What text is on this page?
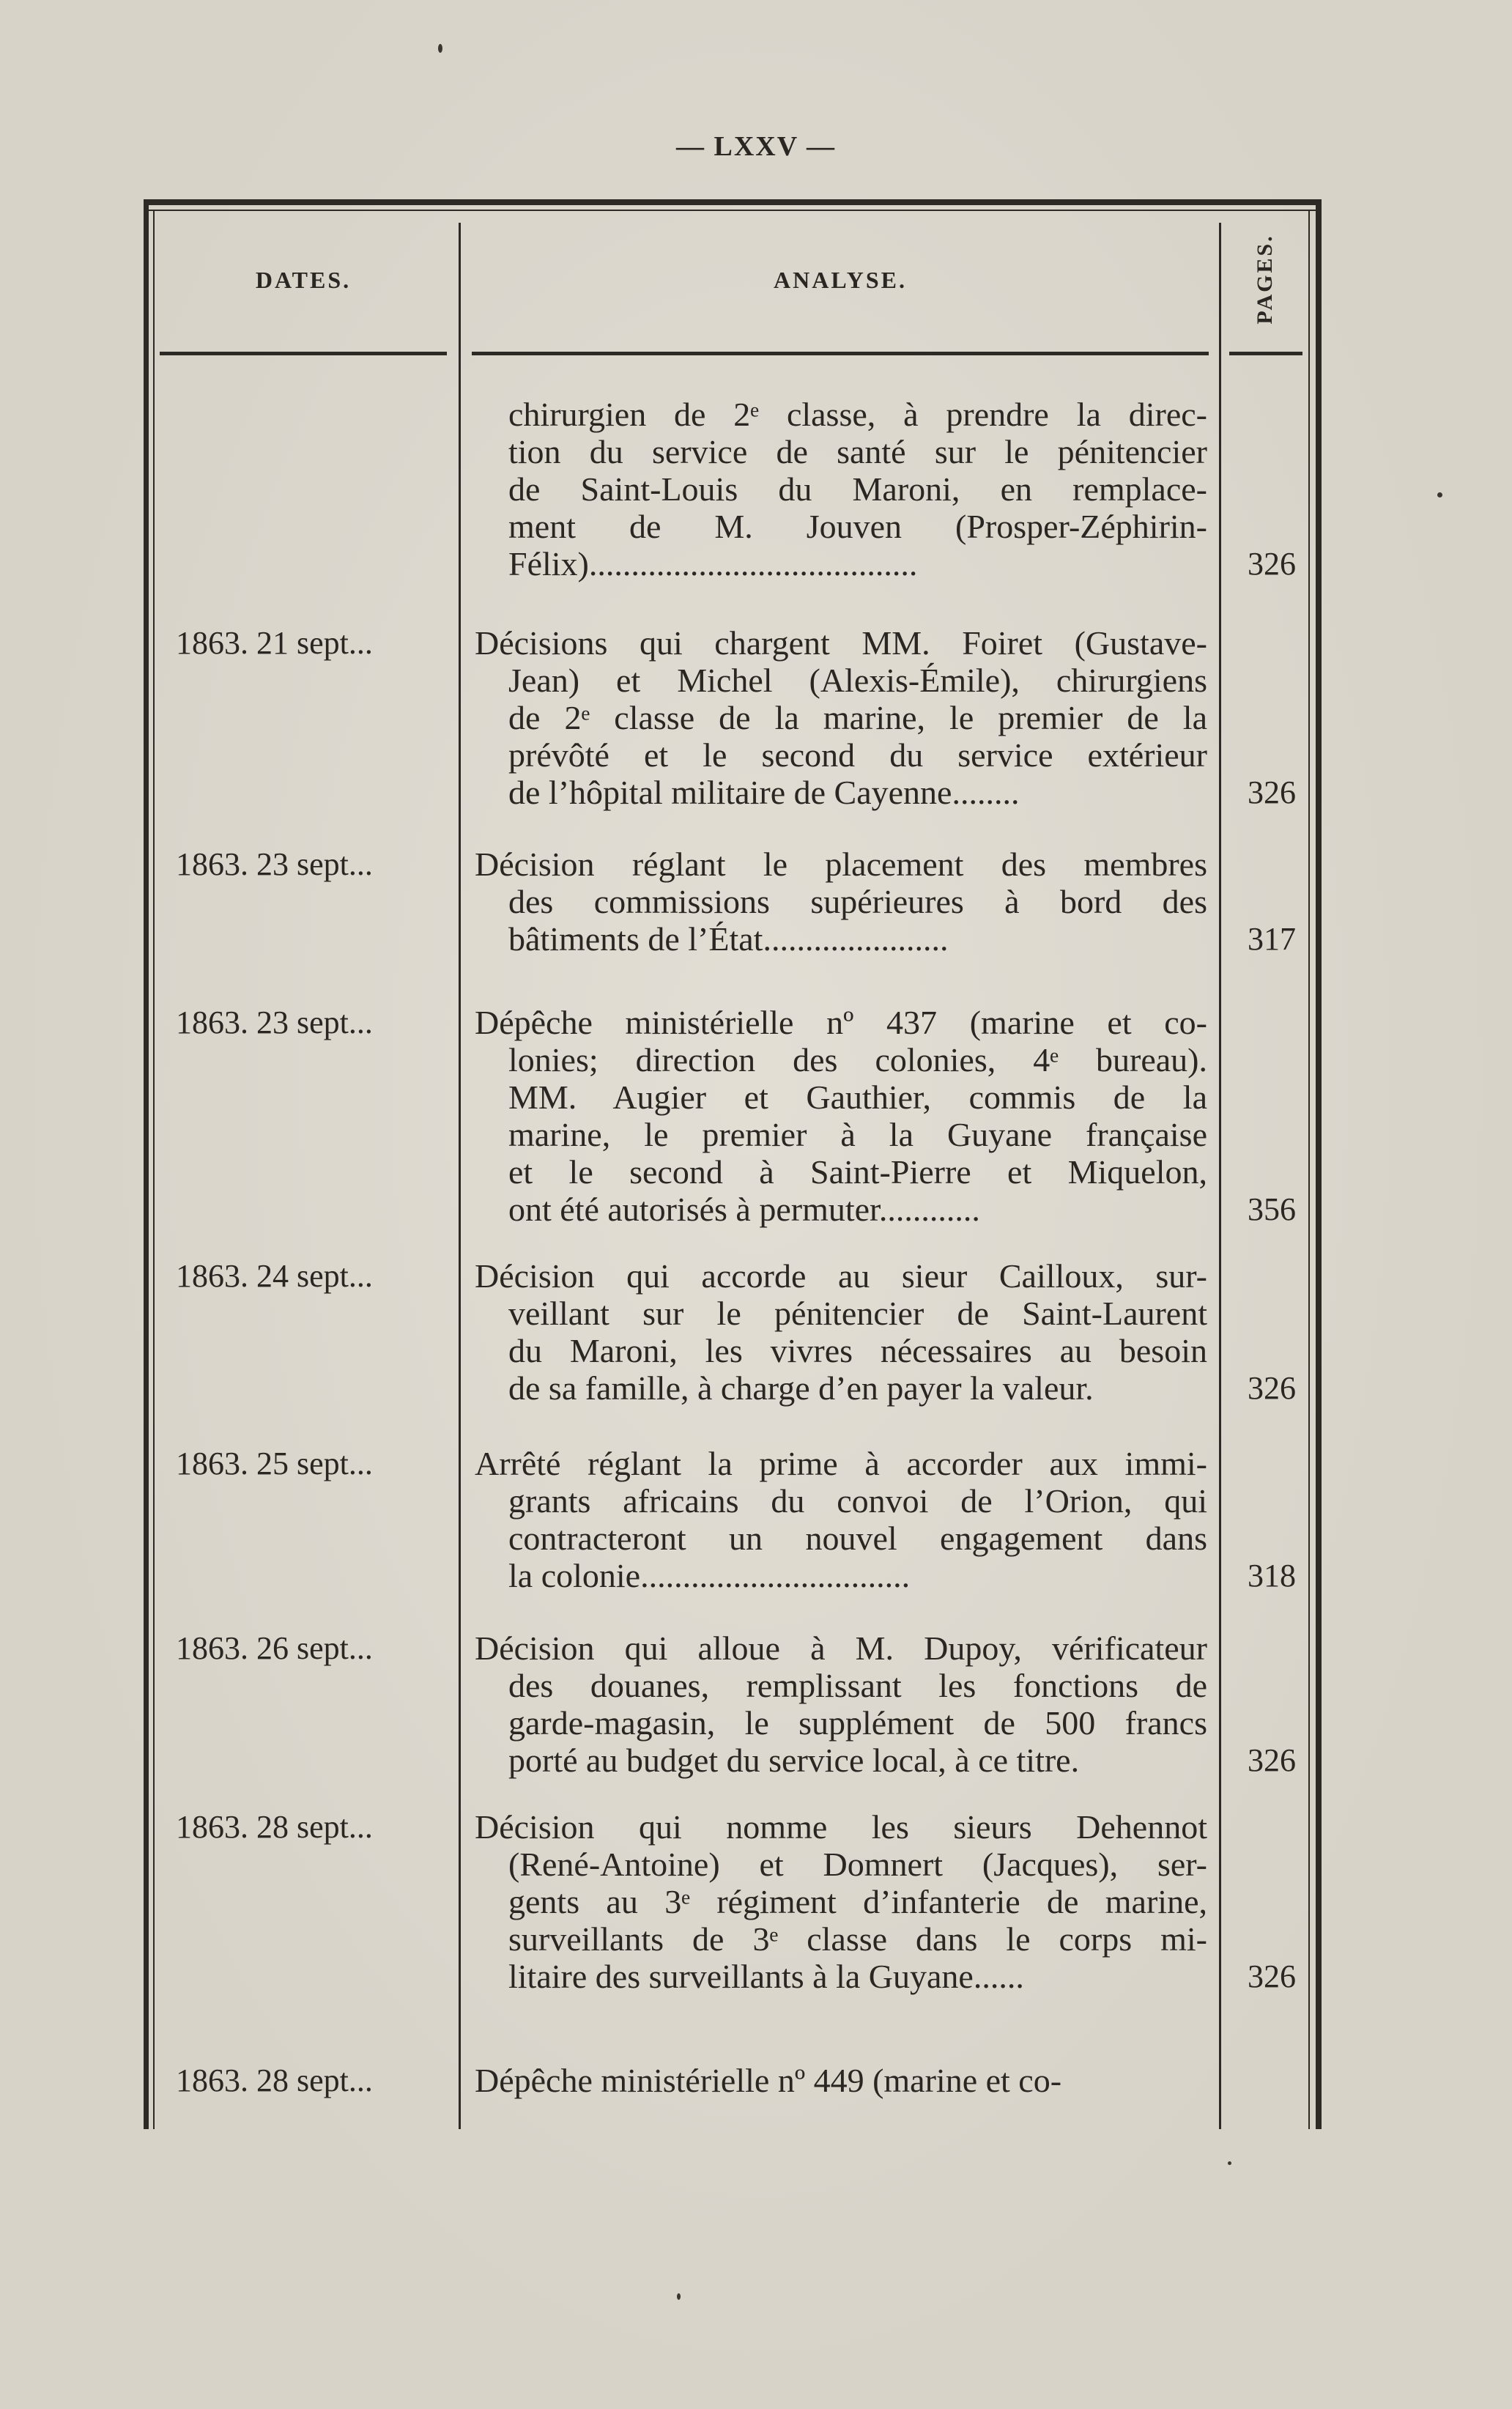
— LXXV —
DATES.	ANALYSE.	PAGES.
chirurgien de 2ᵉ classe, à prendre la direc-
tion du service de santé sur le pénitencier
de Saint-Louis du Maroni, en remplace-
ment de M. Jouven (Prosper-Zéphirin-
Félix).......................................	326
1863. 21 sept...	Décisions qui chargent MM. Foiret (Gustave-
Jean) et Michel (Alexis-Émile), chirurgiens
de 2ᵉ classe de la marine, le premier de la
prévôté et le second du service extérieur
de l’hôpital militaire de Cayenne........	326
1863. 23 sept...	Décision réglant le placement des membres
des commissions supérieures à bord des
bâtiments de l’État......................	317
1863. 23 sept...	Dépêche ministérielle nº 437 (marine et co-
lonies; direction des colonies, 4ᵉ bureau).
MM. Augier et Gauthier, commis de la
marine, le premier à la Guyane française
et le second à Saint-Pierre et Miquelon,
ont été autorisés à permuter............	356
1863. 24 sept...	Décision qui accorde au sieur Cailloux, sur-
veillant sur le pénitencier de Saint-Laurent
du Maroni, les vivres nécessaires au besoin
de sa famille, à charge d’en payer la valeur.	326
1863. 25 sept...	Arrêté réglant la prime à accorder aux immi-
grants africains du convoi de l’Orion, qui
contracteront un nouvel engagement dans
la colonie................................	318
1863. 26 sept...	Décision qui alloue à M. Dupoy, vérificateur
des douanes, remplissant les fonctions de
garde-magasin, le supplément de 500 francs
porté au budget du service local, à ce titre.	326
1863. 28 sept...	Décision qui nomme les sieurs Dehennot
(René-Antoine) et Domnert (Jacques), ser-
gents au 3ᵉ régiment d’infanterie de marine,
surveillants de 3ᵉ classe dans le corps mi-
litaire des surveillants à la Guyane......	326
1863. 28 sept...	Dépêche ministérielle nº 449 (marine et co-
